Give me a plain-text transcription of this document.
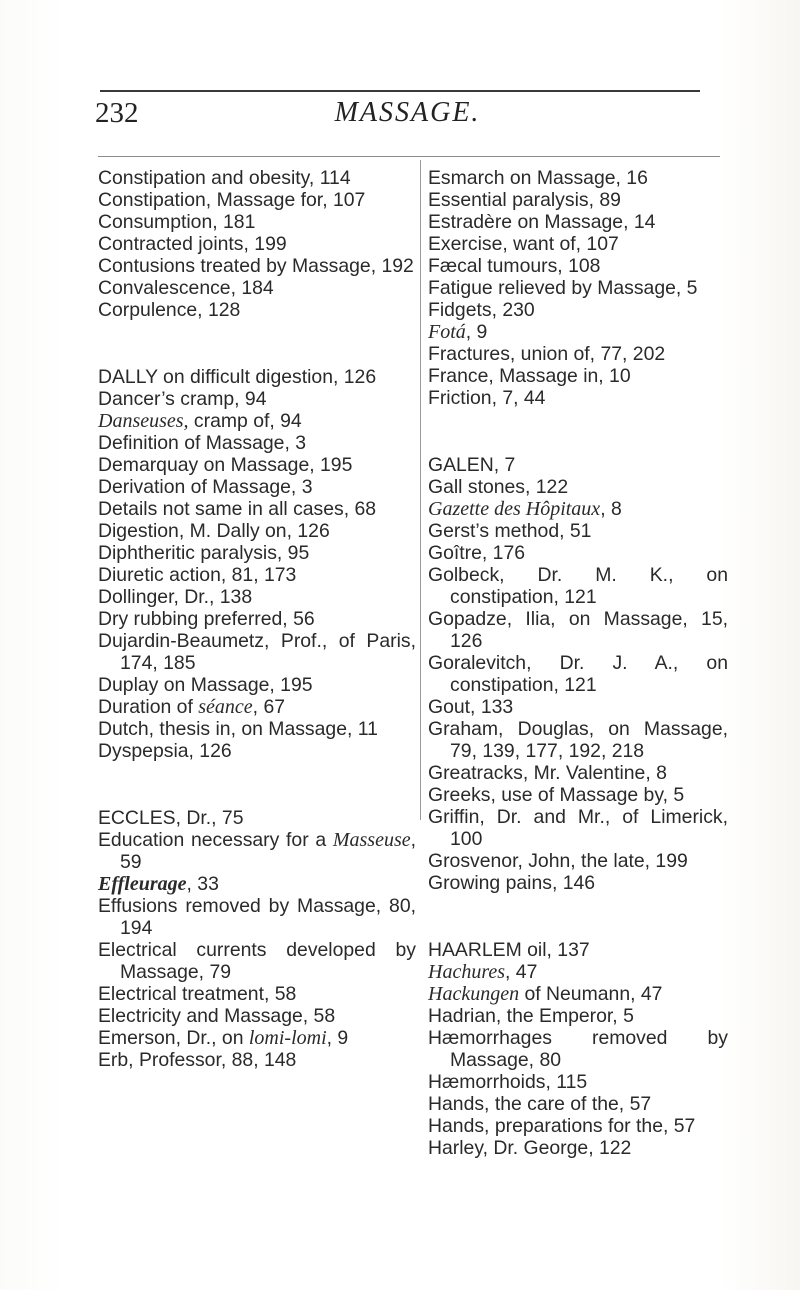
232	MASSAGE.

Constipation and obesity, 114

Constipation, Massage for, 107

Consumption, 181

Contracted joints, 199

Contusions treated by Massage, 192

Convalescence, 184

Corpulence, 128

DALLY on difficult digestion, 126

Dancer’s cramp, 94

Danseuses, cramp of, 94

Definition of Massage, 3

Demarquay on Massage, 195

Derivation of Massage, 3

Details not same in all cases, 68

Digestion, M. Dally on, 126

Diphtheritic paralysis, 95

Diuretic action, 81, 173

Dollinger, Dr., 138

Dry rubbing preferred, 56

Dujardin-Beaumetz, Prof., of Paris, 174, 185

Duplay on Massage, 195

Duration of séance, 67

Dutch, thesis in, on Massage, 11

Dyspepsia, 126

ECCLES, Dr., 75

Education necessary for a Masseuse, 59

Effleurage, 33

Effusions removed by Massage, 80, 194

Electrical currents developed by Massage, 79

Electrical treatment, 58

Electricity and Massage, 58

Emerson, Dr., on lomi-lomi, 9

Erb, Professor, 88, 148

Esmarch on Massage, 16

Essential paralysis, 89

Estradère on Massage, 14

Exercise, want of, 107

Fæcal tumours, 108

Fatigue relieved by Massage, 5

Fidgets, 230

Fotá, 9

Fractures, union of, 77, 202

France, Massage in, 10

Friction, 7, 44

GALEN, 7

Gall stones, 122

Gazette des Hôpitaux, 8

Gerst’s method, 51

Goître, 176

Golbeck, Dr. M. K., on constipation, 121

Gopadze, Ilia, on Massage, 15, 126

Goralevitch, Dr. J. A., on constipation, 121

Gout, 133

Graham, Douglas, on Massage, 79, 139, 177, 192, 218

Greatracks, Mr. Valentine, 8

Greeks, use of Massage by, 5

Griffin, Dr. and Mr., of Limerick, 100

Grosvenor, John, the late, 199

Growing pains, 146

HAARLEM oil, 137

Hachures, 47

Hackungen of Neumann, 47

Hadrian, the Emperor, 5

Hæmorrhages removed by Massage, 80

Hæmorrhoids, 115

Hands, the care of the, 57

Hands, preparations for the, 57

Harley, Dr. George, 122
